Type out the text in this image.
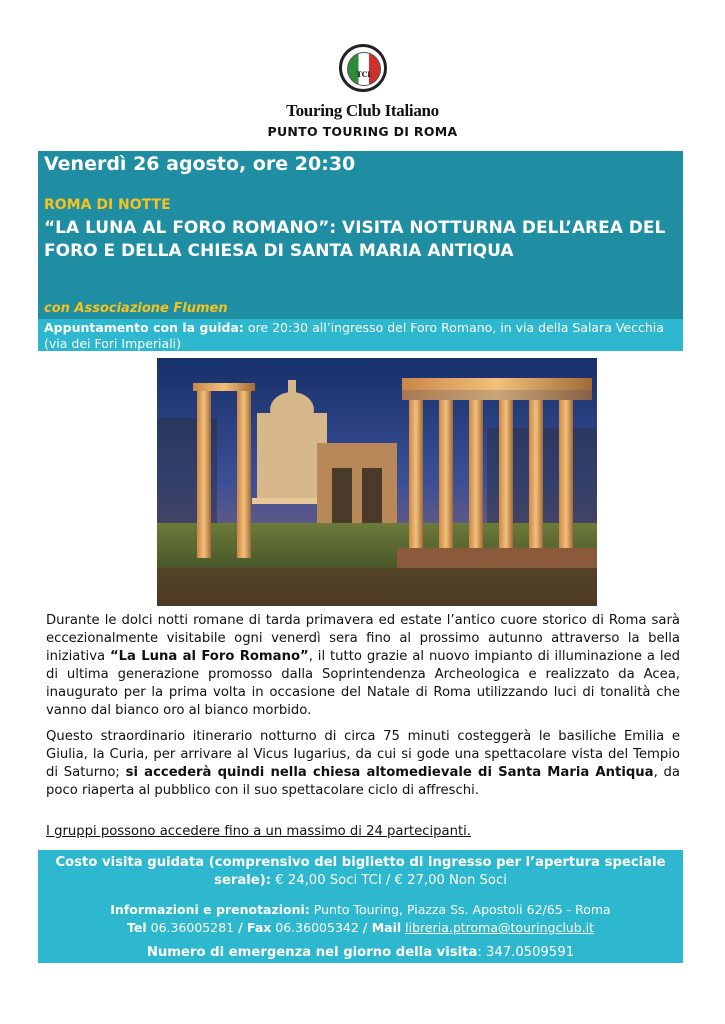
TCI
Touring Club Italiano
PUNTO TOURING DI ROMA
Venerdì 26 agosto, ore 20:30
ROMA DI NOTTE
“LA LUNA AL FORO ROMANO”: VISITA NOTTURNA DELL’AREA DEL FORO E DELLA CHIESA DI SANTA MARIA ANTIQUA
con Associazione Flumen
Appuntamento con la guida: ore 20:30 all’ingresso del Foro Romano, in via della Salara Vecchia (via dei Fori Imperiali)
Durante le dolci notti romane di tarda primavera ed estate l’antico cuore storico di Roma sarà eccezionalmente visitabile ogni venerdì sera fino al prossimo autunno attraverso la bella iniziativa “La Luna al Foro Romano”, il tutto grazie al nuovo impianto di illuminazione a led di ultima generazione promosso dalla Soprintendenza Archeologica e realizzato da Acea, inaugurato per la prima volta in occasione del Natale di Roma utilizzando luci di tonalità che vanno dal bianco oro al bianco morbido.
Questo straordinario itinerario notturno di circa 75 minuti costeggerà le basiliche Emilia e Giulia, la Curia, per arrivare al Vicus Iugarius, da cui si gode una spettacolare vista del Tempio di Saturno; si accederà quindi nella chiesa altomedievale di Santa Maria Antiqua, da poco riaperta al pubblico con il suo spettacolare ciclo di affreschi.
I gruppi possono accedere fino a un massimo di 24 partecipanti.
Costo visita guidata (comprensivo del biglietto di ingresso per l’apertura speciale serale): € 24,00 Soci TCI / € 27,00 Non Soci
Informazioni e prenotazioni: Punto Touring, Piazza Ss. Apostoli 62/65 - Roma
Tel 06.36005281 / Fax 06.36005342 / Mail libreria.ptroma@touringclub.it
Numero di emergenza nel giorno della visita: 347.0509591
